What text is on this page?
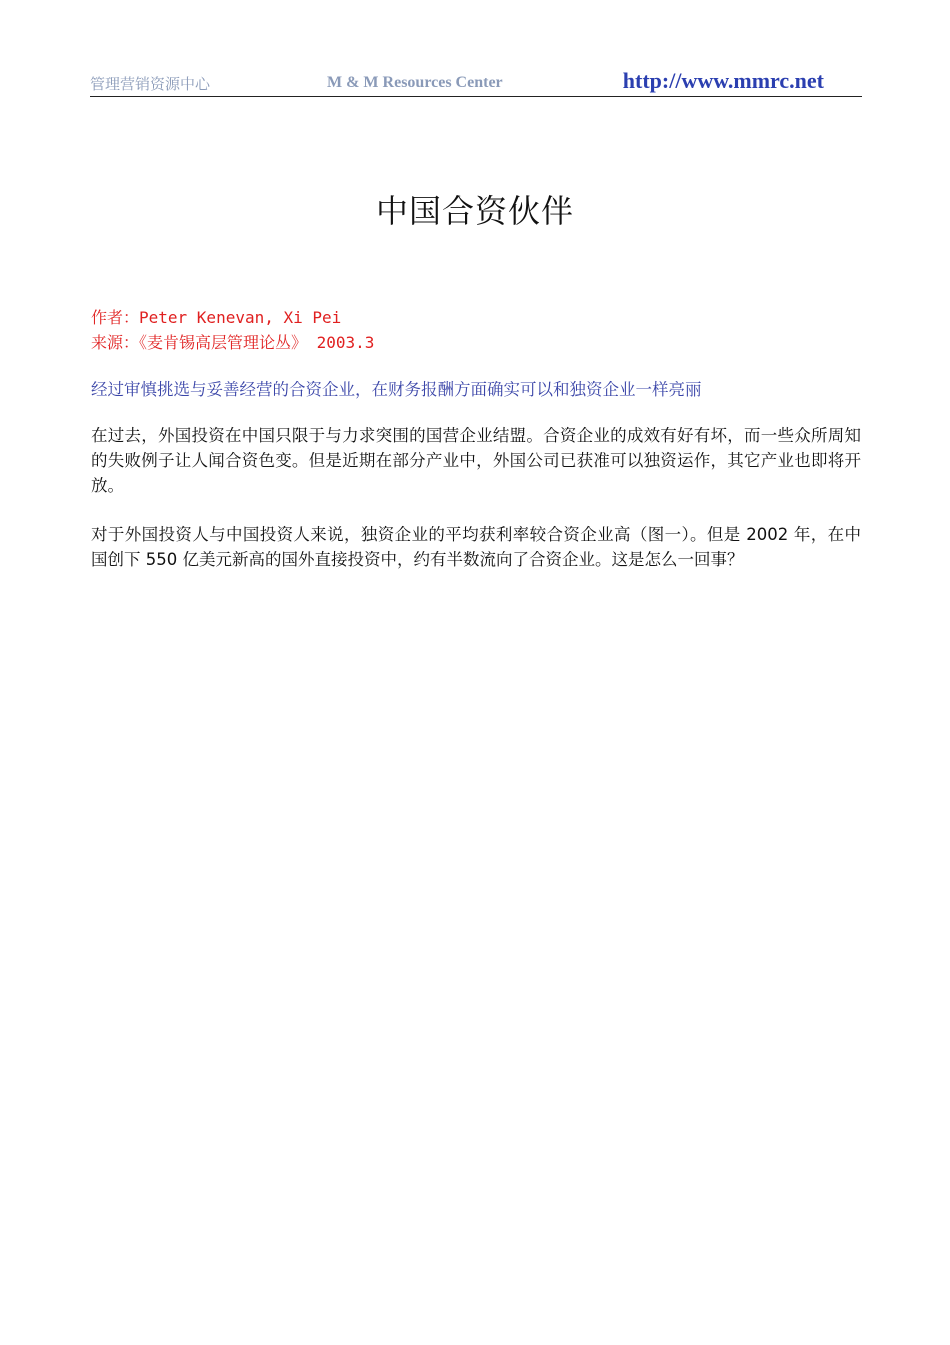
管理营销资源中心	M & M Resources Center	http://www.mmrc.net
中国合资伙伴
作者：Peter Kenevan, Xi Pei
来源：《麦肯锡高层管理论丛》 2003.3
经过审慎挑选与妥善经营的合资企业，在财务报酬方面确实可以和独资企业一样亮丽
在过去，外国投资在中国只限于与力求突围的国营企业结盟。合资企业的成效有好有坏，而一些众所周知的失败例子让人闻合资色变。但是近期在部分产业中，外国公司已获准可以独资运作，其它产业也即将开放。
对于外国投资人与中国投资人来说，独资企业的平均获利率较合资企业高（图一）。但是 2002 年，在中国创下 550 亿美元新高的国外直接投资中，约有半数流向了合资企业。这是怎么一回事？
